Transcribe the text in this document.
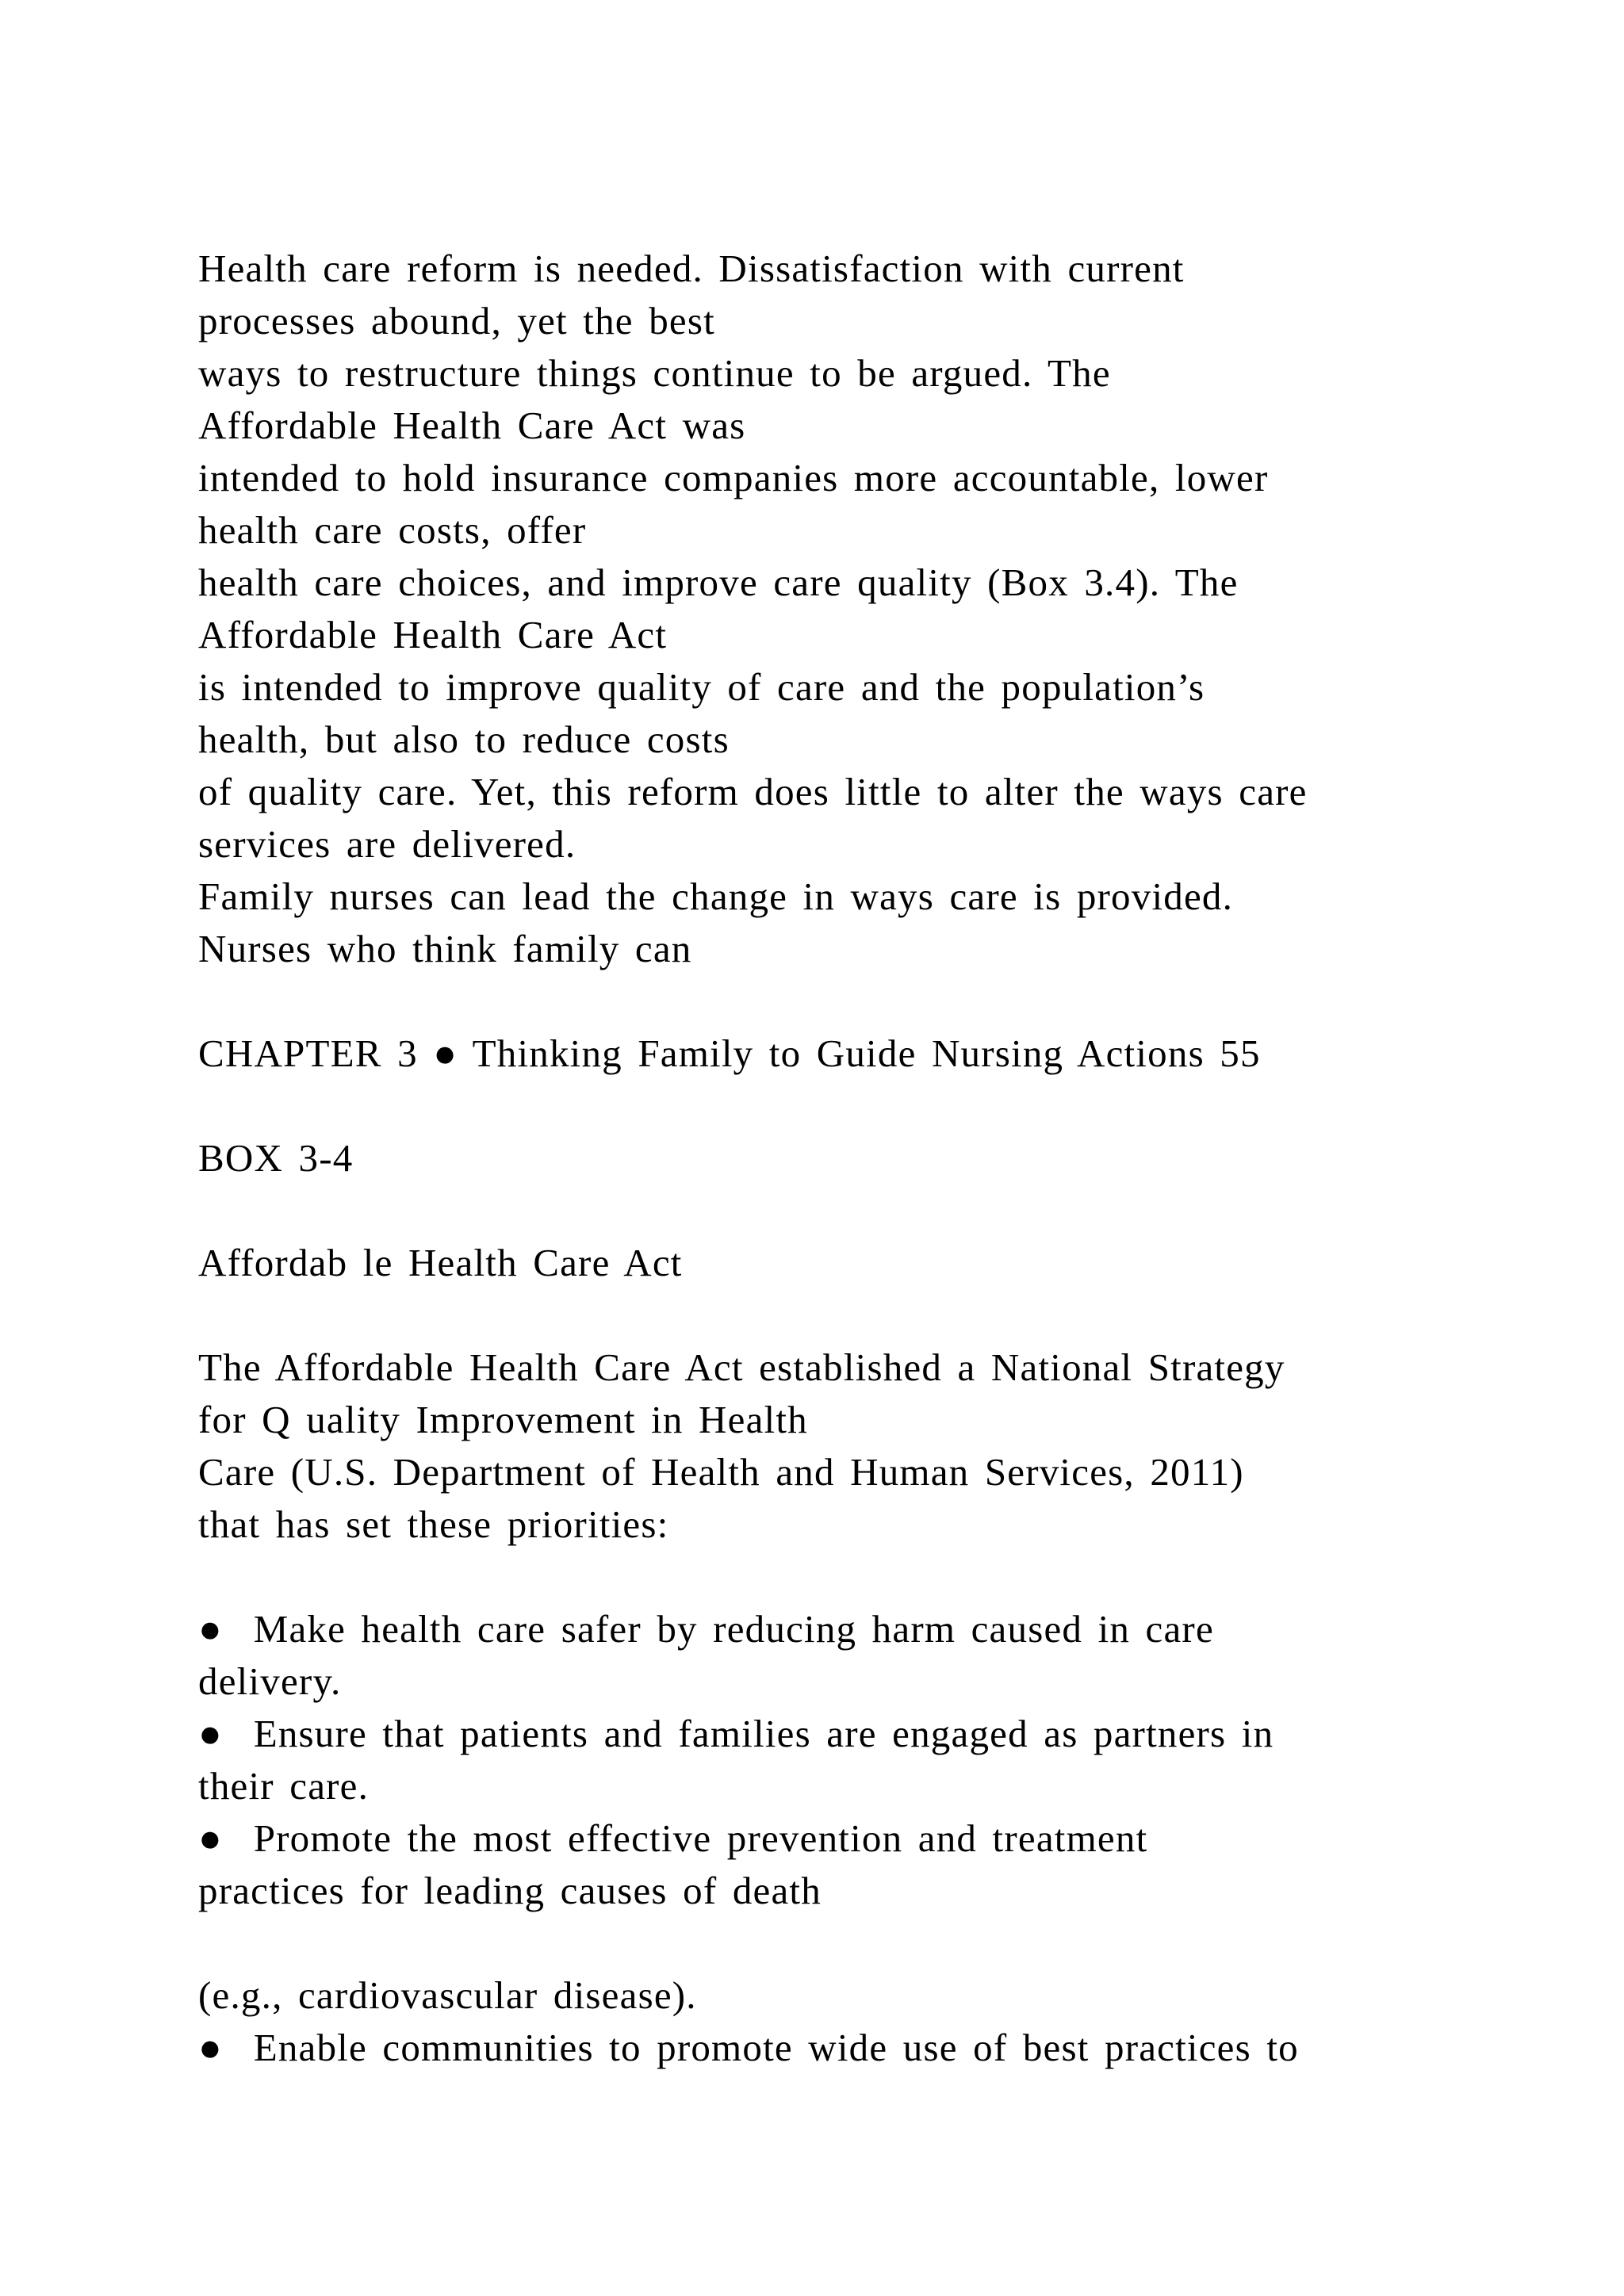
Health care reform is needed. Dissatisfaction with current
processes abound, yet the best
ways to restructure things continue to be argued. The
Affordable Health Care Act was
intended to hold insurance companies more accountable, lower
health care costs, offer
health care choices, and improve care quality (Box 3.4). The
Affordable Health Care Act
is intended to improve quality of care and the population’s
health, but also to reduce costs
of quality care. Yet, this reform does little to alter the ways care
services are delivered.
Family nurses can lead the change in ways care is provided.
Nurses who think family can
CHAPTER 3 ● Thinking Family to Guide Nursing Actions 55
BOX 3-4
Affordab le Health Care Act
The Affordable Health Care Act established a National Strategy
for Q uality Improvement in Health
Care (U.S. Department of Health and Human Services, 2011)
that has set these priorities:
●  Make health care safer by reducing harm caused in care
delivery.
●  Ensure that patients and families are engaged as partners in
their care.
●  Promote the most effective prevention and treatment
practices for leading causes of death
(e.g., cardiovascular disease).
●  Enable communities to promote wide use of best practices to
